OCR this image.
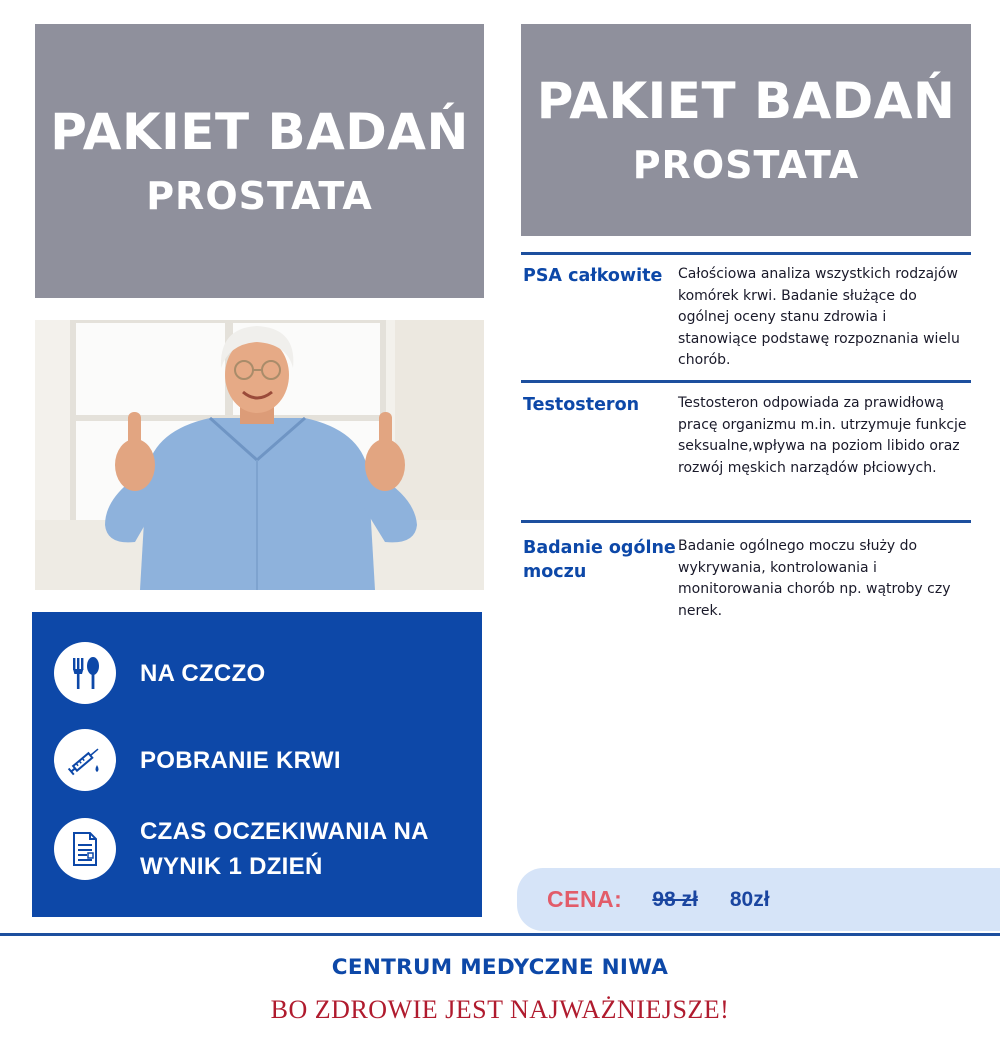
PAKIET BADAŃ
PROSTATA
PAKIET BADAŃ
PROSTATA
NA CZCZO
POBRANIE KRWI
CZAS OCZEKIWANIA NA WYNIK 1 DZIEŃ
PSA całkowite	Całościowa analiza wszystkich rodzajów komórek krwi. Badanie służące do ogólnej oceny stanu zdrowia i stanowiące podstawę rozpoznania wielu chorób.
Testosteron	Testosteron odpowiada za prawidłową pracę organizmu m.in. utrzymuje funkcje seksualne,wpływa na poziom libido oraz rozwój męskich narządów płciowych.
Badanie ogólne moczu
Badanie ogólnego moczu służy do wykrywania, kontrolowania i monitorowania chorób np. wątroby czy nerek.
CENA: 98 zł 80zł
CENTRUM MEDYCZNE NIWA
BO ZDROWIE JEST NAJWAŻNIEJSZE!
